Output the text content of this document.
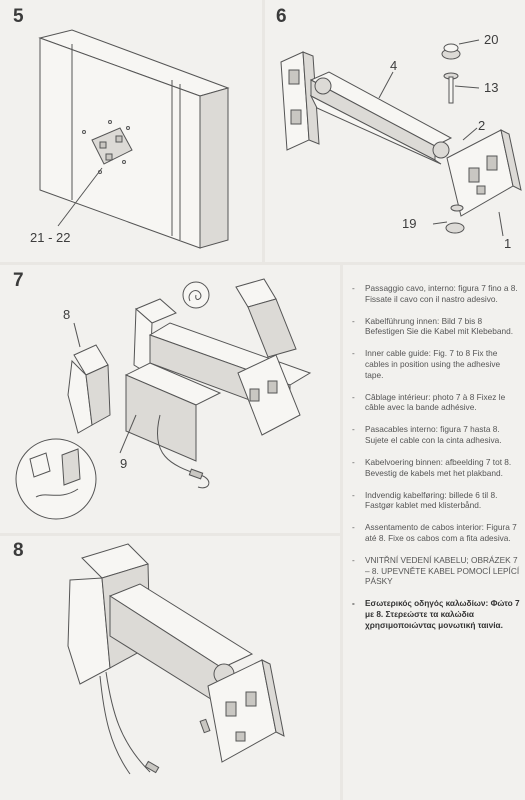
5	6
7
8
21 - 22
20
13
4
2
19
1
8
9
- Passaggio cavo, interno: figura 7 fino a 8. Fissate il cavo con il nastro adesivo.
- Kabelführung innen: Bild 7 bis 8 Befestigen Sie die Kabel mit Klebeband.
- Inner cable guide: Fig. 7 to 8 Fix the cables in position using the adhesive tape.
- Câblage intérieur: photo 7 à 8 Fixez le câble avec la bande adhésive.
- Pasacables interno: figura 7 hasta 8. Sujete el cable con la cinta adhesiva.
- Kabelvoering binnen: afbeelding 7 tot 8. Bevestig de kabels met het plakband.
- Indvendig kabelføring: billede 6 til 8. Fastgør kablet med klisterbånd.
- Assentamento de cabos interior: Figura 7 até 8. Fixe os cabos com a fita adesiva.
- VNITŘNÍ VEDENÍ KABELU; OBRÁZEK 7 – 8. UPEVNĚTE KABEL POMOCÍ LEPÍCÍ PÁSKY
- Εσωτερικός οδηγός καλωδίων: Φώτο 7 με 8. Στερεώστε τα καλώδια χρησιμοποιώντας μονωτική ταινία.
